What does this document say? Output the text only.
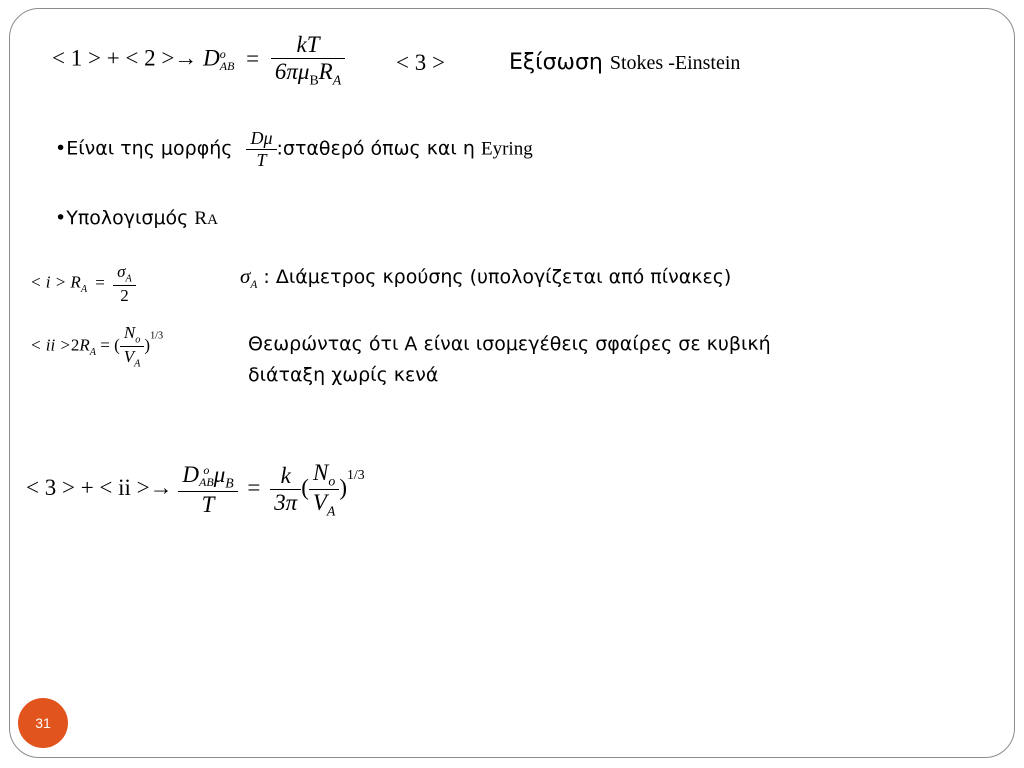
< 1 > + < 2 >→ D o
AB = $\frac{kT}{6\pi\mu_BR_A} < 3$ >	Εξίσωση Stokes -Einstein
•Είναι της μορφής $\frac{D\mu}{T}$ :σταθερό όπως και η Eyring
•Υπολογισμός RA
< $i > R_A = \frac{\sigma_A}{2}$	$\sigma_A$ : Διάμετρος κρούσης (υπολογίζεται από πίνακες)
< ii $>2R_A$ = ( $\frac{N_o}{V_A} )^{1/3}$	Θεωρώντας ότι Α είναι ισομεγέθεις σφαίρες σε κυβική
διάταξη χωρίς κενά
< 3 > + < ii >→ D o
AB $\mu_B$
$T = \frac{k}{3\pi}$ ( $\frac{N_o}{V_A} )^{1/3}$
31
